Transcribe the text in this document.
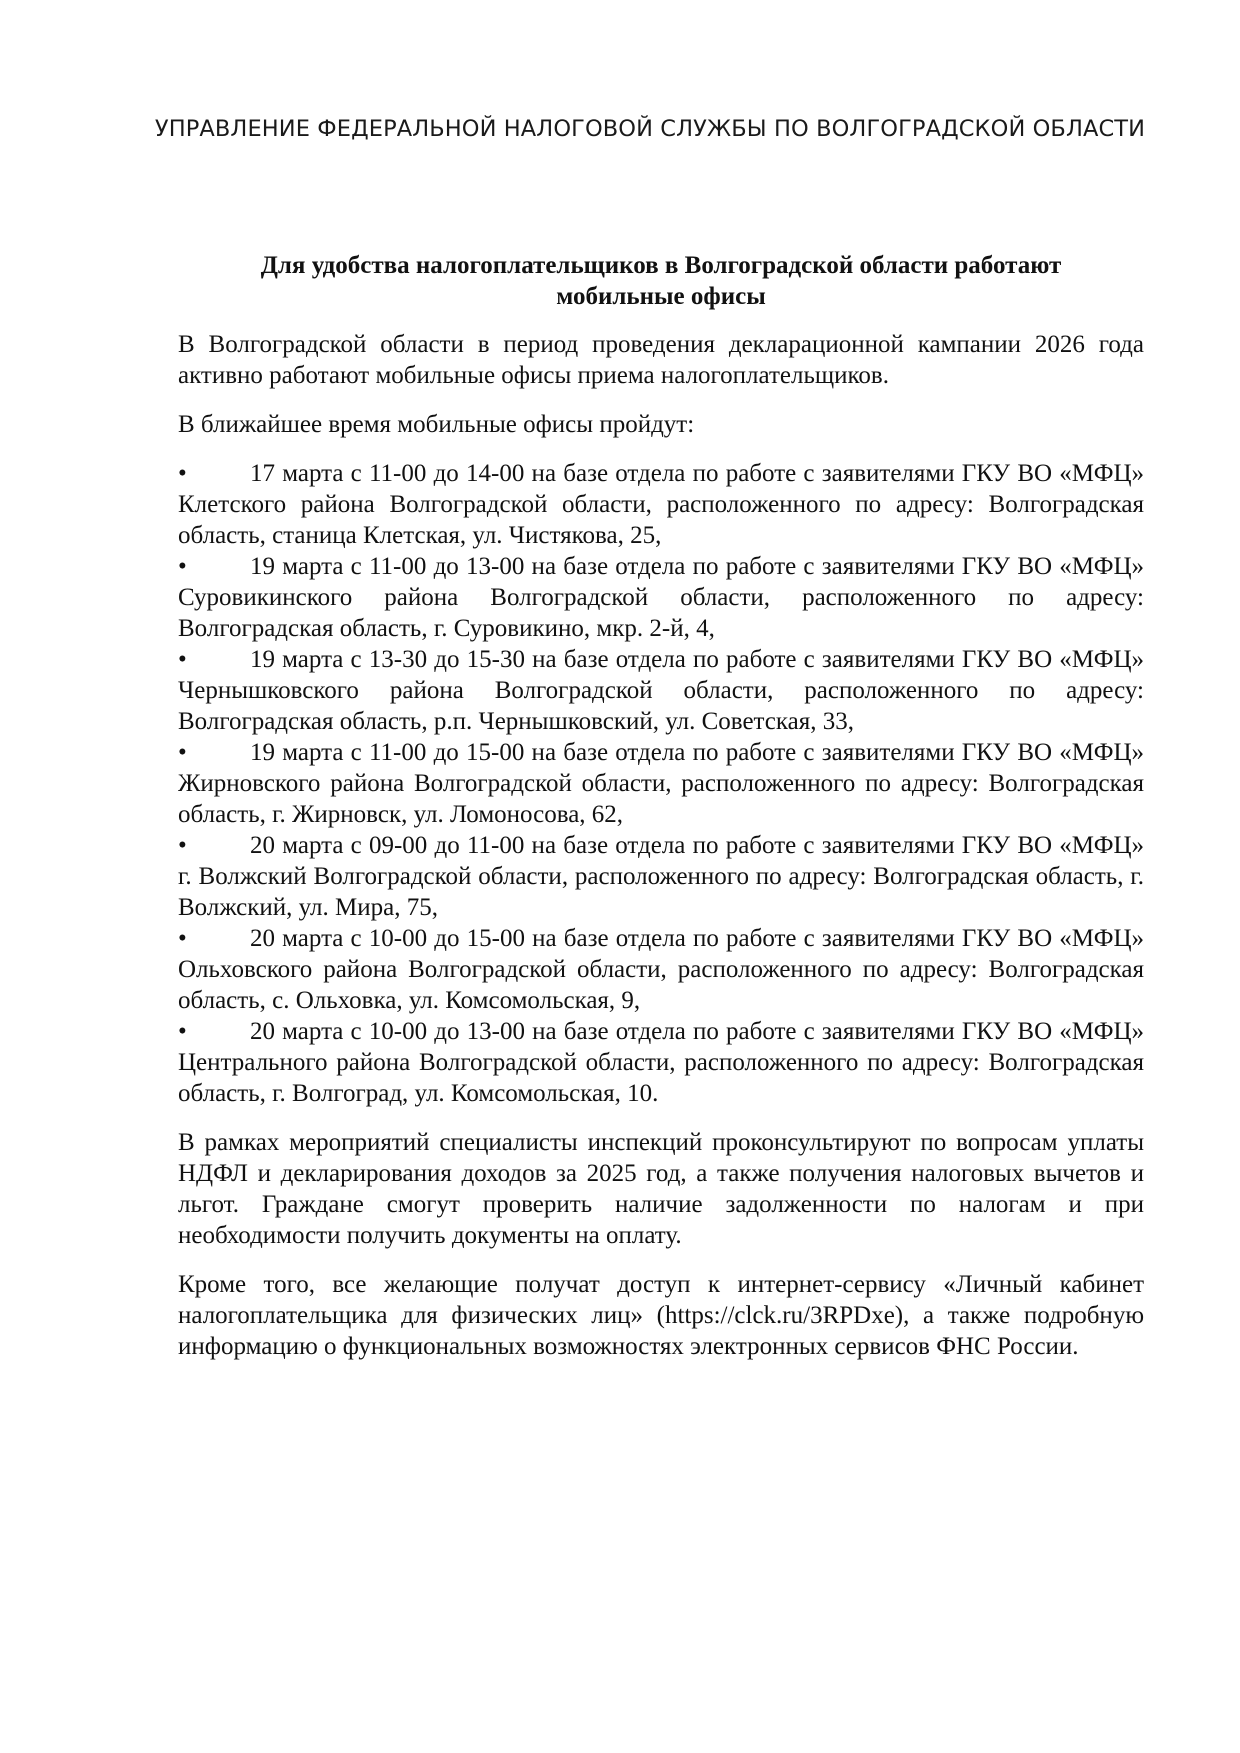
УПРАВЛЕНИЕ ФЕДЕРАЛЬНОЙ НАЛОГОВОЙ СЛУЖБЫ ПО ВОЛГОГРАДСКОЙ ОБЛАСТИ
Для удобства налогоплательщиков в Волгоградской области работают
мобильные офисы

В Волгоградской области в период проведения декларационной кампании 2026 года активно работают мобильные офисы приема налогоплательщиков.

В ближайшее время мобильные офисы пройдут:

•	17 марта с 11-00 до 14-00 на базе отдела по работе с заявителями ГКУ ВО «МФЦ» Клетского района Волгоградской области, расположенного по адресу: Волгоградская область, станица Клетская, ул. Чистякова, 25,

•	19 марта с 11-00 до 13-00 на базе отдела по работе с заявителями ГКУ ВО «МФЦ» Суровикинского района Волгоградской области, расположенного по адресу: Волгоградская область, г. Суровикино, мкр. 2-й, 4,

•	19 марта с 13-30 до 15-30 на базе отдела по работе с заявителями ГКУ ВО «МФЦ» Чернышковского района Волгоградской области, расположенного по адресу: Волгоградская область, р.п. Чернышковский, ул. Советская, 33,

•	19 марта с 11-00 до 15-00 на базе отдела по работе с заявителями ГКУ ВО «МФЦ» Жирновского района Волгоградской области, расположенного по адресу: Волгоградская область, г. Жирновск, ул. Ломоносова, 62,

•	20 марта с 09-00 до 11-00 на базе отдела по работе с заявителями ГКУ ВО «МФЦ» г. Волжский Волгоградской области, расположенного по адресу: Волгоградская область, г. Волжский, ул. Мира, 75,

•	20 марта с 10-00 до 15-00 на базе отдела по работе с заявителями ГКУ ВО «МФЦ» Ольховского района Волгоградской области, расположенного по адресу: Волгоградская область, с. Ольховка, ул. Комсомольская, 9,

•	20 марта с 10-00 до 13-00 на базе отдела по работе с заявителями ГКУ ВО «МФЦ» Центрального района Волгоградской области, расположенного по адресу: Волгоградская область, г. Волгоград, ул. Комсомольская, 10.

В рамках мероприятий специалисты инспекций проконсультируют по вопросам уплаты НДФЛ и декларирования доходов за 2025 год, а также получения налоговых вычетов и льгот. Граждане смогут проверить наличие задолженности по налогам и при необходимости получить документы на оплату.

Кроме того, все желающие получат доступ к интернет-сервису «Личный кабинет налогоплательщика для физических лиц» (https://clck.ru/3RPDxe), а также подробную информацию о функциональных возможностях электронных сервисов ФНС России.
